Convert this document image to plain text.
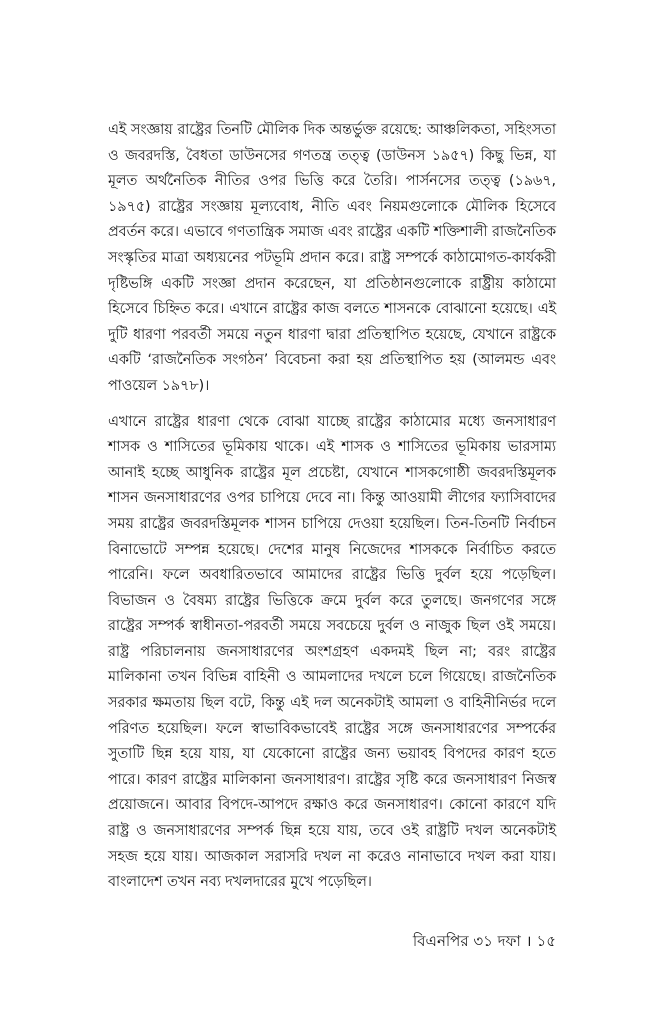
এই সংজ্ঞায় রাষ্ট্রের তিনটি মৌলিক দিক অন্তর্ভুক্ত রয়েছে: আঞ্চলিকতা, সহিংসতা ও জবরদস্তি, বৈধতা ডাউনসের গণতন্ত্র তত্ত্ব (ডাউনস ১৯৫৭) কিছু ভিন্ন, যা মূলত অর্থনৈতিক নীতির ওপর ভিত্তি করে তৈরি। পার্সনসের তত্ত্ব (১৯৬৭, ১৯৭৫) রাষ্ট্রের সংজ্ঞায় মূল্যবোধ, নীতি এবং নিয়মগুলোকে মৌলিক হিসেবে প্রবর্তন করে। এভাবে গণতান্ত্রিক সমাজ এবং রাষ্ট্রের একটি শক্তিশালী রাজনৈতিক সংস্কৃতির মাত্রা অধ্যয়নের পটভূমি প্রদান করে। রাষ্ট্র সম্পর্কে কাঠামোগত-কার্যকরী দৃষ্টিভঙ্গি একটি সংজ্ঞা প্রদান করেছেন, যা প্রতিষ্ঠানগুলোকে রাষ্ট্রীয় কাঠামো হিসেবে চিহ্নিত করে। এখানে রাষ্ট্রের কাজ বলতে শাসনকে বোঝানো হয়েছে। এই দুটি ধারণা পরবর্তী সময়ে নতুন ধারণা দ্বারা প্রতিস্থাপিত হয়েছে, যেখানে রাষ্ট্রকে একটি ‘রাজনৈতিক সংগঠন’ বিবেচনা করা হয় প্রতিস্থাপিত হয় (আলমন্ড এবং পাওয়েল ১৯৭৮)।

এখানে রাষ্ট্রের ধারণা থেকে বোঝা যাচ্ছে রাষ্ট্রের কাঠামোর মধ্যে জনসাধারণ শাসক ও শাসিতের ভূমিকায় থাকে। এই শাসক ও শাসিতের ভূমিকায় ভারসাম্য আনাই হচ্ছে আধুনিক রাষ্ট্রের মূল প্রচেষ্টা, যেখানে শাসকগোষ্ঠী জবরদস্তিমূলক শাসন জনসাধারণের ওপর চাপিয়ে দেবে না। কিন্তু আওয়ামী লীগের ফ্যাসিবাদের সময় রাষ্ট্রের জবরদস্তিমূলক শাসন চাপিয়ে দেওয়া হয়েছিল। তিন-তিনটি নির্বাচন বিনাভোটে সম্পন্ন হয়েছে। দেশের মানুষ নিজেদের শাসককে নির্বাচিত করতে পারেনি। ফলে অবধারিতভাবে আমাদের রাষ্ট্রের ভিত্তি দুর্বল হয়ে পড়েছিল। বিভাজন ও বৈষম্য রাষ্ট্রের ভিত্তিকে ক্রমে দুর্বল করে তুলছে। জনগণের সঙ্গে রাষ্ট্রের সম্পর্ক স্বাধীনতা-পরবর্তী সময়ে সবচেয়ে দুর্বল ও নাজুক ছিল ওই সময়ে। রাষ্ট্র পরিচালনায় জনসাধারণের অংশগ্রহণ একদমই ছিল না; বরং রাষ্ট্রের মালিকানা তখন বিভিন্ন বাহিনী ও আমলাদের দখলে চলে গিয়েছে। রাজনৈতিক সরকার ক্ষমতায় ছিল বটে, কিন্তু এই দল অনেকটাই আমলা ও বাহিনীনির্ভর দলে পরিণত হয়েছিল। ফলে স্বাভাবিকভাবেই রাষ্ট্রের সঙ্গে জনসাধারণের সম্পর্কের সুতাটি ছিন্ন হয়ে যায়, যা যেকোনো রাষ্ট্রের জন্য ভয়াবহ বিপদের কারণ হতে পারে। কারণ রাষ্ট্রের মালিকানা জনসাধারণ। রাষ্ট্রের সৃষ্টি করে জনসাধারণ নিজস্ব প্রয়োজনে। আবার বিপদে-আপদে রক্ষাও করে জনসাধারণ। কোনো কারণে যদি রাষ্ট্র ও জনসাধারণের সম্পর্ক ছিন্ন হয়ে যায়, তবে ওই রাষ্ট্রটি দখল অনেকটাই সহজ হয়ে যায়। আজকাল সরাসরি দখল না করেও নানাভাবে দখল করা যায়। বাংলাদেশ তখন নব্য দখলদারের মুখে পড়েছিল।

বিএনপির ৩১ দফা । ১৫
